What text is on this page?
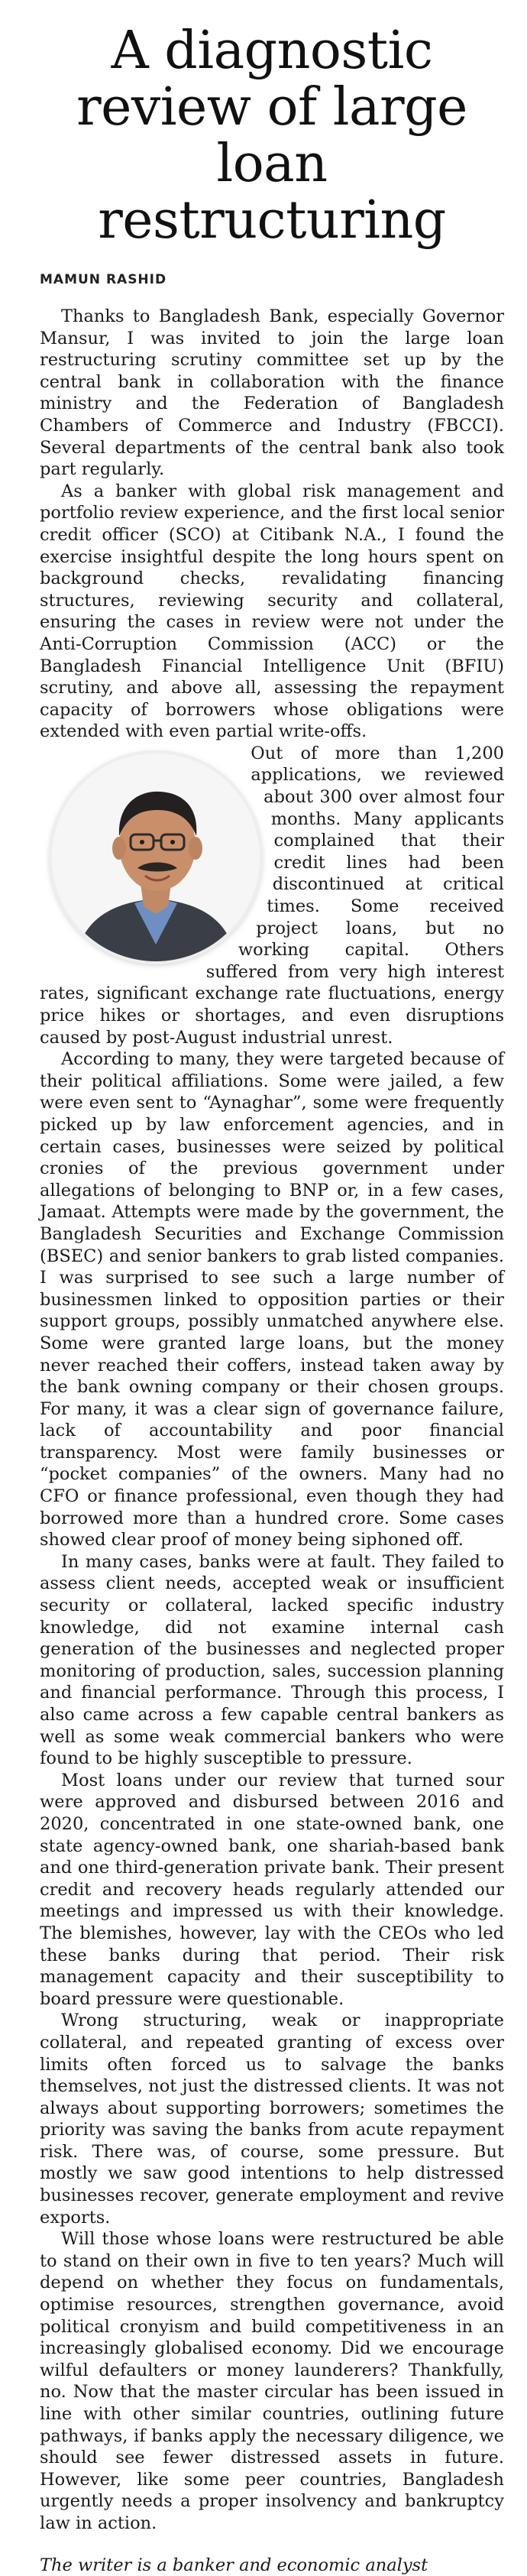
A diagnostic review of large loan restructuring
MAMUN RASHID

Thanks to Bangladesh Bank, especially Governor Mansur, I was invited to join the large loan restructuring scrutiny committee set up by the central bank in collaboration with the finance ministry and the Federation of Bangladesh Chambers of Commerce and Industry (FBCCI). Several departments of the central bank also took part regularly.

As a banker with global risk management and portfolio review experience, and the first local senior credit officer (SCO) at Citibank N.A., I found the exercise insightful despite the long hours spent on background checks, revalidating financing structures, reviewing security and collateral, ensuring the cases in review were not under the Anti-Corruption Commission (ACC) or the Bangladesh Financial Intelligence Unit (BFIU) scrutiny, and above all, assessing the repayment capacity of borrowers whose obligations were extended with even partial write-offs.

Out of more than 1,200 applications, we reviewed about 300 over almost four months. Many applicants complained that their credit lines had been discontinued at critical times. Some received project loans, but no working capital. Others suffered from very high interest rates, significant exchange rate fluctuations, energy price hikes or shortages, and even disruptions caused by post-August industrial unrest.

According to many, they were targeted because of their political affiliations. Some were jailed, a few were even sent to “Aynaghar”, some were frequently picked up by law enforcement agencies, and in certain cases, businesses were seized by political cronies of the previous government under allegations of belonging to BNP or, in a few cases, Jamaat. Attempts were made by the government, the Bangladesh Securities and Exchange Commission (BSEC) and senior bankers to grab listed companies. I was surprised to see such a large number of businessmen linked to opposition parties or their support groups, possibly unmatched anywhere else. Some were granted large loans, but the money never reached their coffers, instead taken away by the bank owning company or their chosen groups. For many, it was a clear sign of governance failure, lack of accountability and poor financial transparency. Most were family businesses or “pocket companies” of the owners. Many had no CFO or finance professional, even though they had borrowed more than a hundred crore. Some cases showed clear proof of money being siphoned off.

In many cases, banks were at fault. They failed to assess client needs, accepted weak or insufficient security or collateral, lacked specific industry knowledge, did not examine internal cash generation of the businesses and neglected proper monitoring of production, sales, succession planning and financial performance. Through this process, I also came across a few capable central bankers as well as some weak commercial bankers who were found to be highly susceptible to pressure.

Most loans under our review that turned sour were approved and disbursed between 2016 and 2020, concentrated in one state-owned bank, one state agency-owned bank, one shariah-based bank and one third-generation private bank. Their present credit and recovery heads regularly attended our meetings and impressed us with their knowledge. The blemishes, however, lay with the CEOs who led these banks during that period. Their risk management capacity and their susceptibility to board pressure were questionable.

Wrong structuring, weak or inappropriate collateral, and repeated granting of excess over limits often forced us to salvage the banks themselves, not just the distressed clients. It was not always about supporting borrowers; sometimes the priority was saving the banks from acute repayment risk. There was, of course, some pressure. But mostly we saw good intentions to help distressed businesses recover, generate employment and revive exports.

Will those whose loans were restructured be able to stand on their own in five to ten years? Much will depend on whether they focus on fundamentals, optimise resources, strengthen governance, avoid political cronyism and build competitiveness in an increasingly globalised economy. Did we encourage wilful defaulters or money launderers? Thankfully, no. Now that the master circular has been issued in line with other similar countries, outlining future pathways, if banks apply the necessary diligence, we should see fewer distressed assets in future. However, like some peer countries, Bangladesh urgently needs a proper insolvency and bankruptcy law in action.

The writer is a banker and economic analyst
